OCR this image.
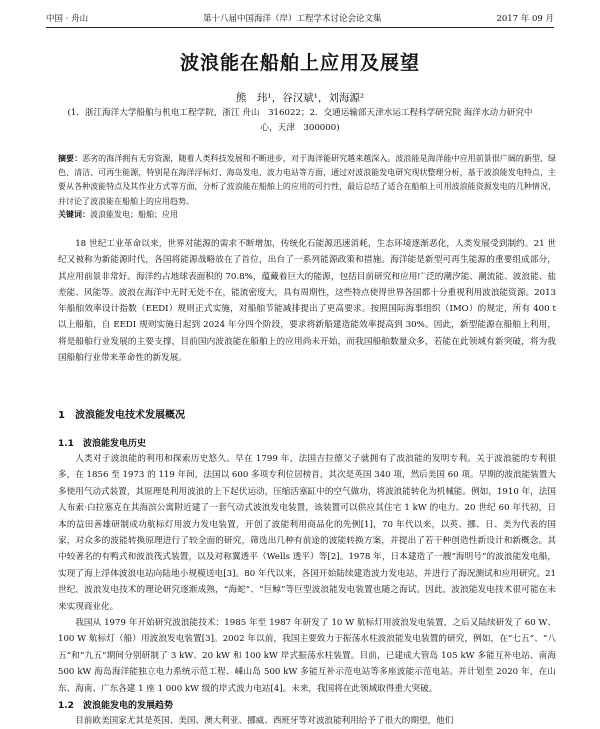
中国 · 舟山	第十八届中国海洋（岸）工程学术讨论会论文集	2017 年 09 月
波浪能在船舶上应用及展望
熊　玮¹，谷汉斌¹，刘海源²
(1．浙江海洋大学船舶与机电工程学院，浙江 舟山　316022；2．交通运输部天津水运工程科学研究院 海洋水动力研究中心，天津　300000)
摘要：恶劣的海洋拥有无穷资源，随着人类科技发展和不断进步，对于海洋能研究越来越深入。波浪能是海洋能中应用前景很广阔的新型、绿色、清洁、可再生能源，特别是在海洋浮标灯、海岛发电、波力电站等方面，通过对波浪能发电研究现状整理分析，基于波浪能发电特点，主要从各种波能特点及其作业方式等方面，分析了波浪能在船舶上的应用的可行性，最后总结了适合在船舶上可用波浪能资源发电的几种情况，并讨论了波浪能在船舶上的应用趋势。
关键词：波浪能发电；船舶；应用

18 世纪工业革命以来，世界对能源的需求不断增加，传统化石能源迅速消耗，生态环境逐渐恶化，人类发展受到制约。21 世纪又被称为新能源时代，各国将能源战略放在了首位，出台了一系列能源政策和措施。海洋能是新型可再生能源的重要组成部分，其应用前景非常好。海洋约占地球表面积的 70.8%，蕴藏着巨大的能源，包括目前研究和应用广泛的潮汐能、潮流能、波浪能、盐差能、风能等。波浪在海洋中无时无处不在，能流密度大，具有周期性，这些特点使得世界各国都十分重视利用波浪能资源。2013 年船舶效率设计指数（EEDI）规则正式实施，对船舶节能减排提出了更高要求。按照国际海事组织（IMO）的规定，所有 400 t 以上船舶，自 EEDI 规则实施日起到 2024 年分四个阶段，要求将新船建造能效率提高到 30%。因此，新型能源在船舶上利用，将是船舶行业发展的主要支撑，目前国内波浪能在船舶上的应用尚未开始，而我国船舶数量众多，若能在此领域有新突破，将为我国船舶行业带来革命性的新发展。

1　波浪能发电技术发展概况
1.1　波浪能发电历史

人类对于波浪能的利用和探索历史悠久。早在 1799 年，法国吉拉德父子就拥有了波浪能的发明专利。关于波浪能的专利很多，在 1856 至 1973 的 119 年间，法国以 600 多项专利位居榜首，其次是英国 340 项，然后美国 60 项。早期的波浪能装置大多使用气动式装置，其原理是利用波浪的上下起伏运动，压缩活塞缸中的空气做功，将波浪能转化为机械能。例如，1910 年，法国人布索·白拉塞克在其海滨公寓附近建了一套气动式波浪发电装置，该装置可以供应其住宅 1 kW 的电力。20 世纪 60 年代初，日本的益田善雄研制成功航标灯用波力发电装置，开创了波能利用商品化的先例[1]，70 年代以来，以英、挪、日、美为代表的国家，对众多的波能转换原理进行了较全面的研究，筛选出几种有前途的波能转换方案，并提出了若干种创造性新设计和新概念。其中较著名的有鸭式和波浪筏式装置，以及对称翼透平（Wells 透平）等[2]。1978 年，日本建造了一艘“海明号”的波浪能发电船，实现了海上浮体波浪电站向陆地小规模送电[3]。80 年代以来，各国开始陆续建造波力发电站，并进行了海况测试和应用研究。21 世纪，波浪发电技术的理论研究逐渐成熟，“海蛇”、“巨鲸”等巨型波浪能发电装置也随之海试。因此，波浪能发电技术很可能在未来实现商业化。

我国从 1979 年开始研究波浪能技术：1985 年至 1987 年研发了 10 W 航标灯用波浪发电装置，之后又陆续研发了 60 W、100 W 航标灯（船）用波浪发电装置[3]。2002 年以前，我国主要致力于振荡水柱波浪能发电装置的研究，例如，在“七五”、“八五”和“九五”期间分别研制了 3 kW、20 kW 和 100 kW 岸式振荡水柱装置。目前，已建成大管岛 105 kW 多能互补电站、南海 500 kW 海岛海洋能独立电力系统示范工程、嵊山岛 500 kW 多能互补示范电站等多座波能示范电站。并计划至 2020 年，在山东、海南、广东各建 1 座 1 000 kW 级的岸式波力电站[4]。未来，我国将在此领域取得重大突破。

1.2　波浪能发电的发展趋势

目前欧美国家尤其是英国、美国、澳大利亚、挪威、西班牙等对波浪能利用给予了很大的期望，他们
